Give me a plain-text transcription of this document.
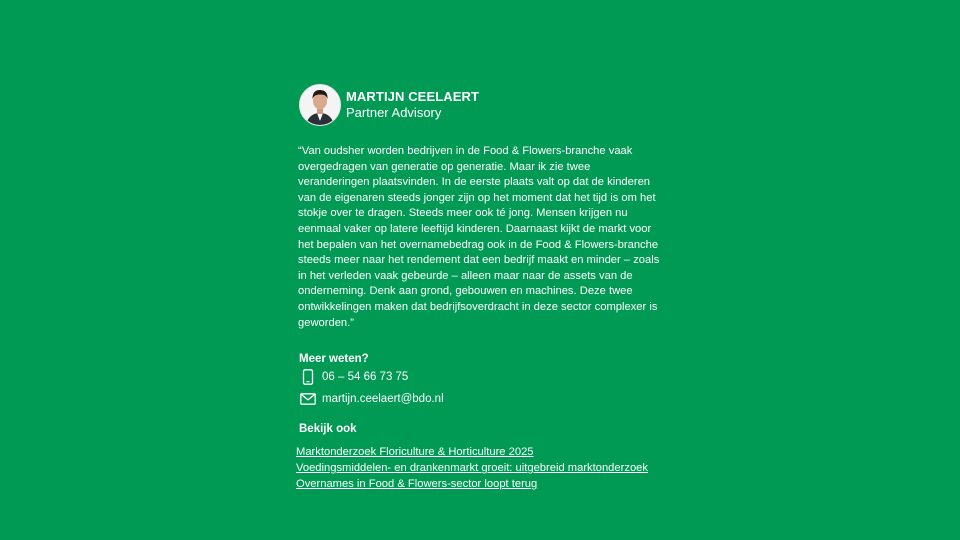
MARTIJN CEELAERT
Partner Advisory
“Van oudsher worden bedrijven in de Food & Flowers-branche vaak overgedragen van generatie op generatie. Maar ik zie twee veranderingen plaatsvinden. In de eerste plaats valt op dat de kinderen van de eigenaren steeds jonger zijn op het moment dat het tijd is om het stokje over te dragen. Steeds meer ook té jong. Mensen krijgen nu eenmaal vaker op latere leeftijd kinderen. Daarnaast kijkt de markt voor het bepalen van het overnamebedrag ook in de Food & Flowers-branche steeds meer naar het rendement dat een bedrijf maakt en minder – zoals in het verleden vaak gebeurde – alleen maar naar de assets van de onderneming. Denk aan grond, gebouwen en machines. Deze twee ontwikkelingen maken dat bedrijfsoverdracht in deze sector complexer is geworden.”
Meer weten?
06 – 54 66 73 75
martijn.ceelaert@bdo.nl
Bekijk ook
Marktonderzoek Floriculture & Horticulture 2025
Voedingsmiddelen- en drankenmarkt groeit: uitgebreid marktonderzoek
Overnames in Food & Flowers-sector loopt terug
